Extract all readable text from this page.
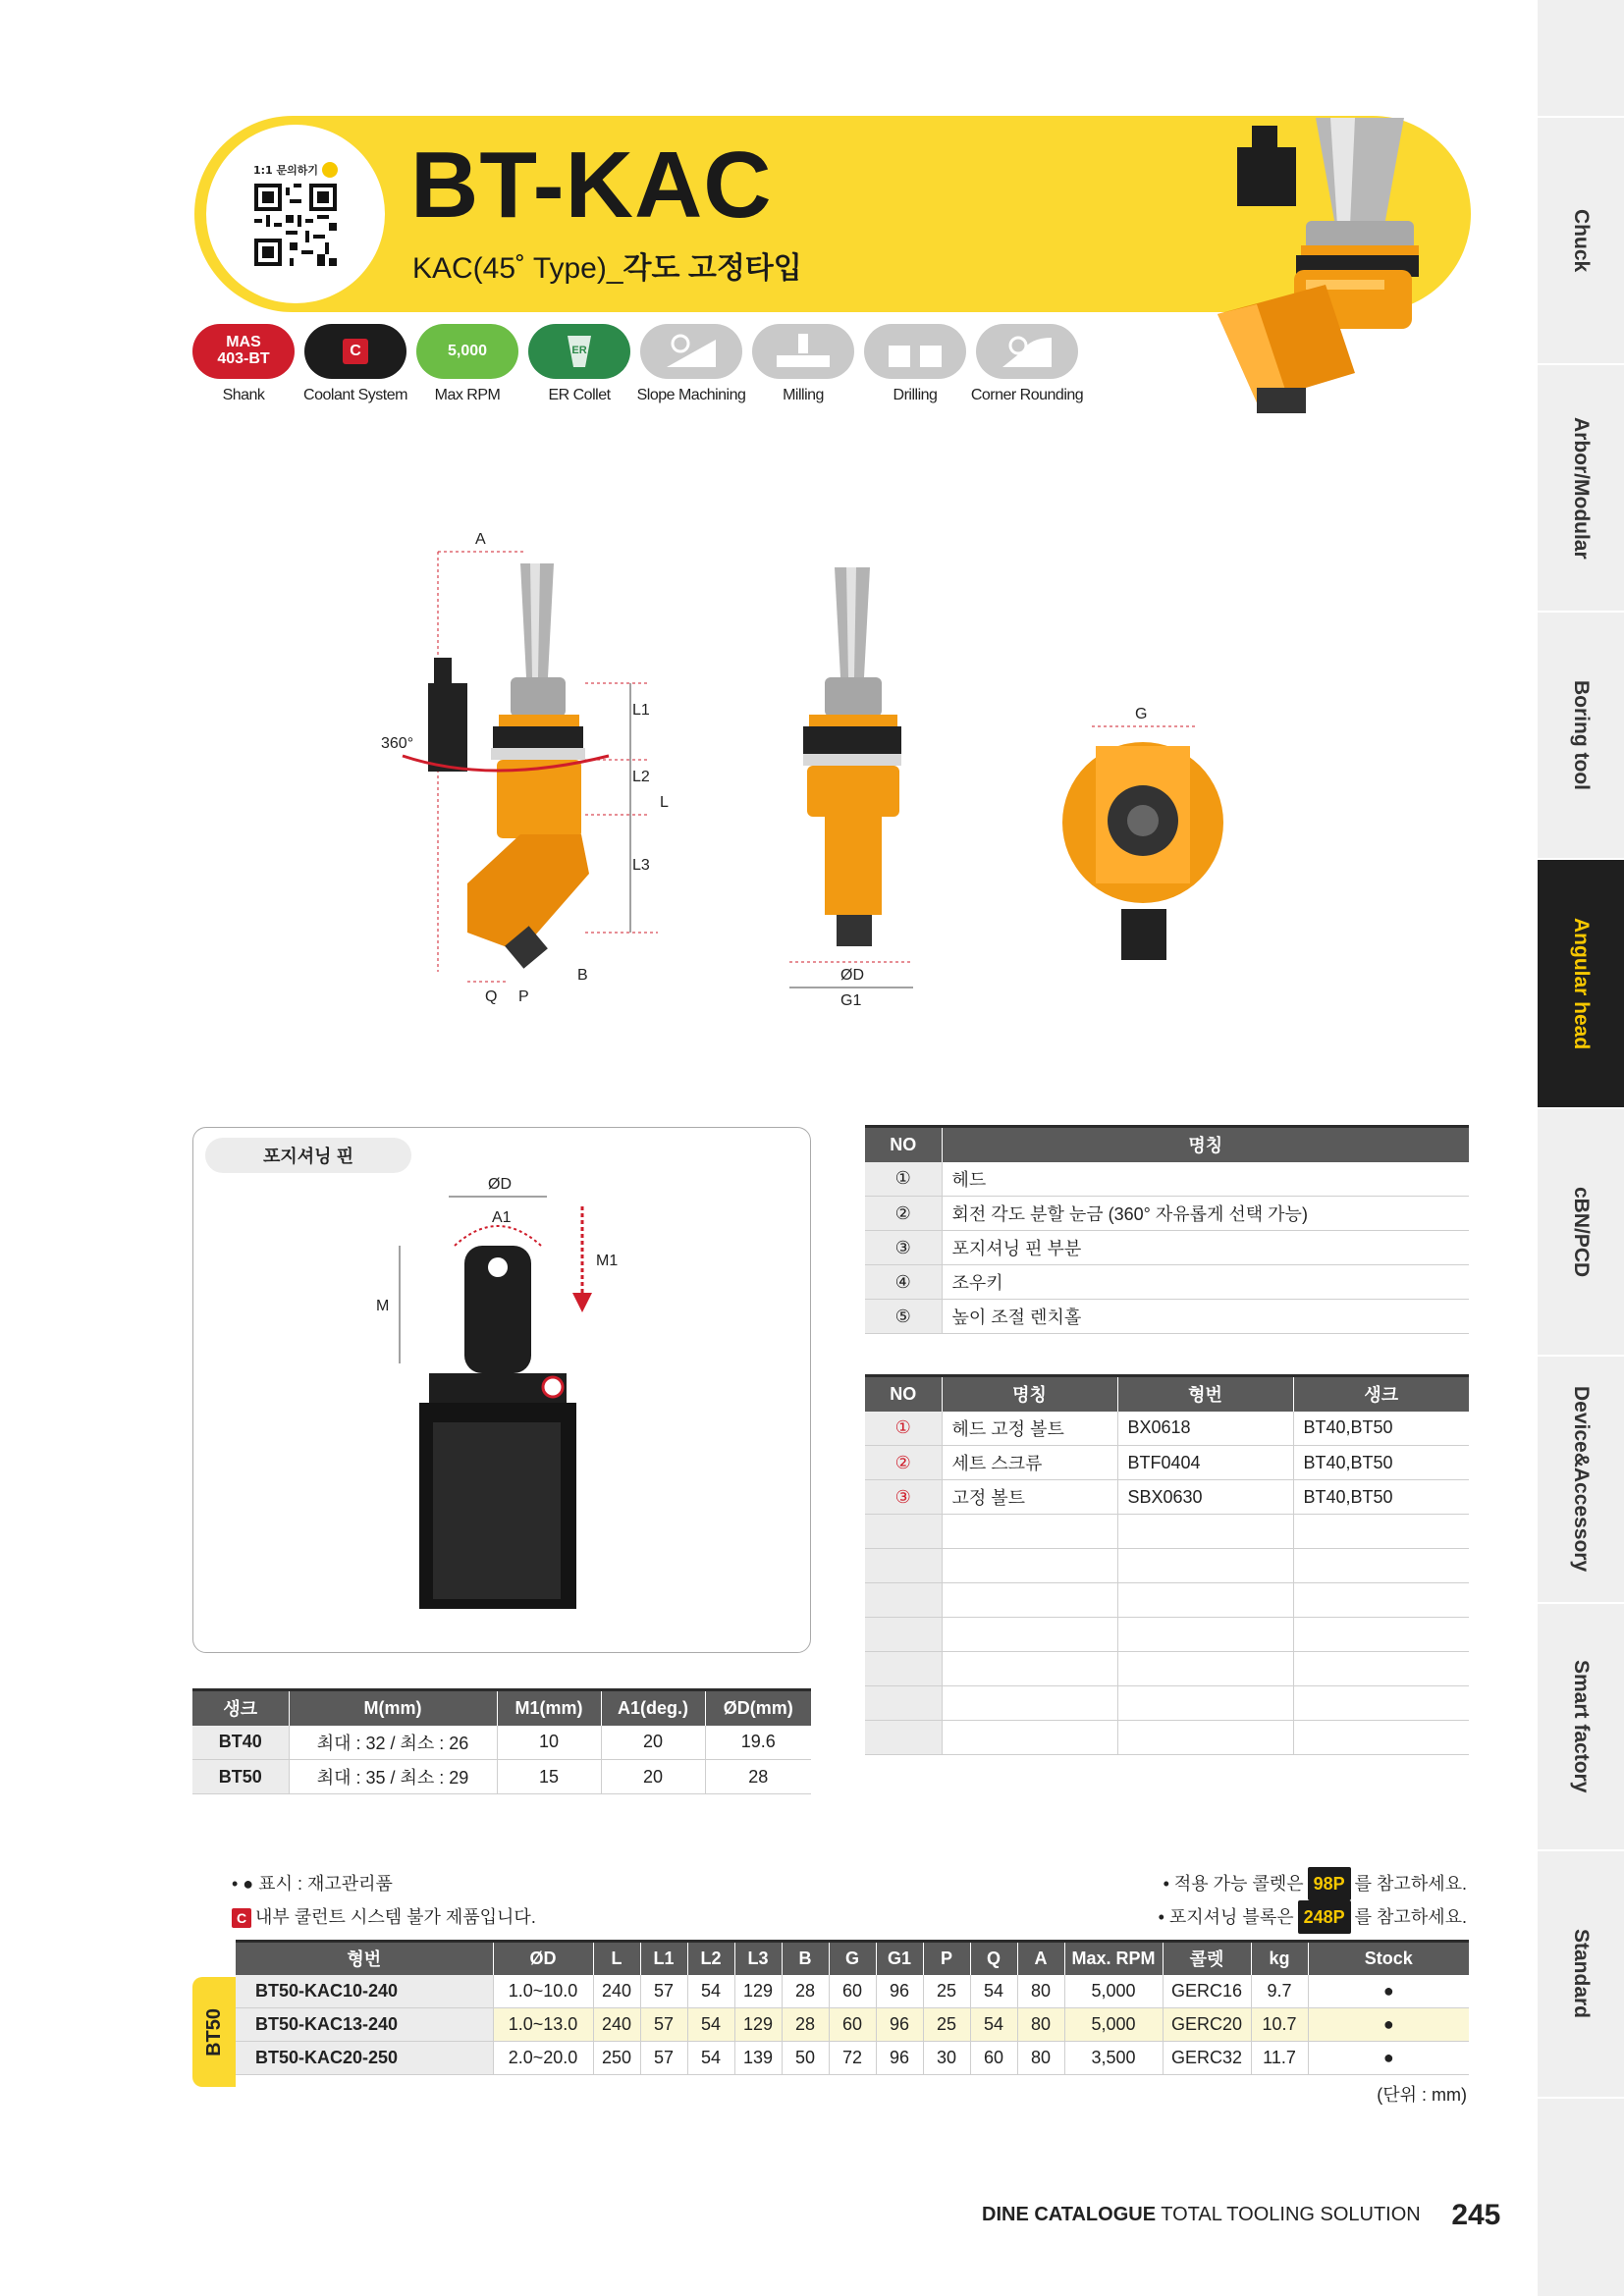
Chuck
Arbor/Modular
Boring tool
Angular head
cBN/PCD
Device&Accessory
Smart factory
Standard
1:1 문의하기 BT-KAC
KAC(45˚ Type)_각도 고정타입
MAS
403-BT
Shank
C
Coolant System
5,000
Max RPM
ER
ER Collet Slope Machining Milling	Drilling Corner Rounding
A
360°
L1
L2
L3
L
Q P
B	ØD
G1
G
포지셔닝 핀
ØD
A1
M1
M
생크	M(mm)	M1(mm)	A1(deg.)	ØD(mm)
BT40	최대 : 32 / 최소 : 26	10	20	19.6
BT50	최대 : 35 / 최소 : 29	15	20	28
NO	명칭
①	헤드
②	회전 각도 분할 눈금 (360° 자유롭게 선택 가능)
③	포지셔닝 핀 부분
④	조우키
⑤	높이 조절 렌치홀
NO	명칭	형번	생크
①	헤드 고정 볼트	BX0618	BT40,BT50
②	세트 스크류	BTF0404	BT40,BT50
③	고정 볼트	SBX0630	BT40,BT50

• ● 표시 : 재고관리품
C 내부 쿨런트 시스템 불가 제품입니다.
• 적용 가능 콜렛은 98P 를 참고하세요.
• 포지셔닝 블록은 248P 를 참고하세요.
BT50
형번	ØD	L	L1	L2	L3	B	G	G1	P	Q	A	Max. RPM	콜렛	kg	Stock
BT50-KAC10-240	1.0~10.0	240	57	54	129	28	60	96	25	54	80	5,000	GERC16	9.7	●
BT50-KAC13-240	1.0~13.0	240	57	54	129	28	60	96	25	54	80	5,000	GERC20	10.7	●
BT50-KAC20-250	2.0~20.0	250	57	54	139	50	72	96	30	60	80	3,500	GERC32	11.7	●
(단위 : mm)
DINE CATALOGUE TOTAL TOOLING SOLUTION 245
